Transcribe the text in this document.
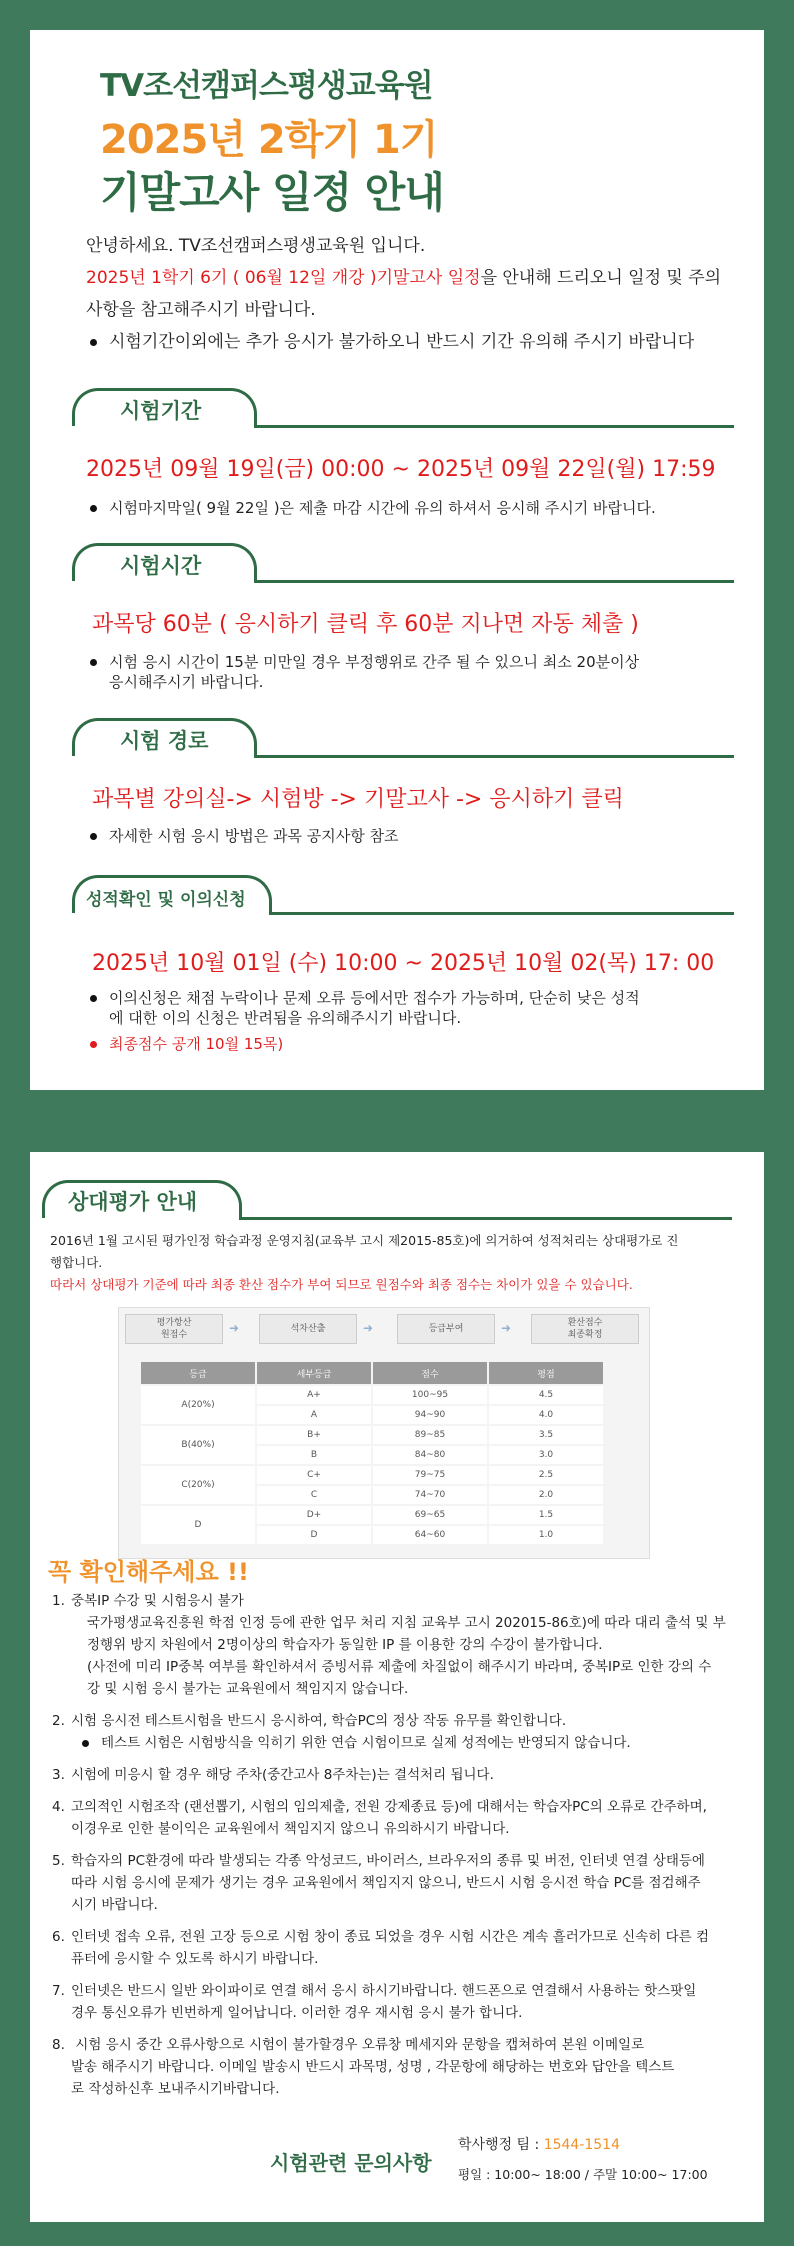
TV조선캠퍼스평생교육원
2025년 2학기 1기
기말고사 일정 안내
안녕하세요. TV조선캠퍼스평생교육원 입니다.
2025년 1학기 6기 ( 06월 12일 개강 )기말고사 일정을 안내해 드리오니 일정 및 주의
사항을 참고해주시기 바랍니다.
시험기간이외에는 추가 응시가 불가하오니 반드시 기간 유의해 주시기 바랍니다
시험기간
2025년 09월 19일(금) 00:00 ~ 2025년 09월 22일(월) 17:59
시험마지막일( 9월 22일 )은 제출 마감 시간에 유의 하셔서 응시해 주시기 바랍니다.
시험시간
과목당 60분 ( 응시하기 클릭 후 60분 지나면 자동 체출 )
시험 응시 시간이 15분 미만일 경우 부정행위로 간주 될 수 있으니 최소 20분이상
응시해주시기 바랍니다.
시험 경로
과목별 강의실-> 시험방 -> 기말고사 -> 응시하기 클릭
자세한 시험 응시 방법은 과목 공지사항 참조
성적확인 및 이의신청
2025년 10월 01일 (수) 10:00 ~ 2025년 10월 02(목) 17: 00
이의신청은 채점 누락이나 문제 오류 등에서만 접수가 가능하며, 단순히 낮은 성적
에 대한 이의 신청은 반려됨을 유의해주시기 바랍니다.
최종점수 공개 10월 15목)
상대평가 안내
2016년 1월 고시된 평가인정 학습과정 운영지침(교육부 고시 제2015-85호)에 의거하여 성적처리는 상대평가로 진
행합니다.
따라서 상대평가 기준에 따라 최종 환산 점수가 부여 되므로 원점수와 최종 점수는 차이가 있을 수 있습니다.
평가항산
원점수	➜	석차산출	➜	등급부여	➜	환산점수
최종확정
등급	세부등급	점수	평점
A(20%)	A+	100~95	4.5
	A	94~90	4.0
B(40%)	B+	89~85	3.5
	B	84~80	3.0
C(20%)	C+	79~75	2.5
	C	74~70	2.0
D	D+	69~65	1.5
	D	64~60	1.0
꼭 확인해주세요 !!
1. 중복IP 수강 및 시험응시 불가
국가평생교육진흥원 학점 인정 등에 관한 업무 처리 지침 교육부 고시 202015-86호)에 따라 대리 출석 및 부
정행위 방지 차원에서 2명이상의 학습자가 동일한 IP 를 이용한 강의 수강이 불가합니다.
(사전에 미리 IP중복 여부를 확인하셔서 증빙서류 제출에 차질없이 해주시기 바라며, 중복IP로 인한 강의 수
강 및 시험 응시 불가는 교육원에서 책임지지 않습니다.
2. 시험 응시전 테스트시험을 반드시 응시하여, 학습PC의 정상 작동 유무를 확인합니다.
테스트 시험은 시험방식을 익히기 위한 연습 시험이므로 실제 성적에는 반영되지 않습니다.
3. 시험에 미응시 할 경우 해당 주차(중간고사 8주차는)는 결석처리 됩니다.
4. 고의적인 시험조작 (랜선뽑기, 시험의 임의제출, 전원 강제종료 등)에 대해서는 학습자PC의 오류로 간주하며,
이경우로 인한 불이익은 교육원에서 책임지지 않으니 유의하시기 바랍니다.
5. 학습자의 PC환경에 따라 발생되는 각종 악성코드, 바이러스, 브라우저의 종류 및 버전, 인터넷 연결 상태등에
따라 시험 응시에 문제가 생기는 경우 교육원에서 책임지지 않으니, 반드시 시험 응시전 학습 PC를 점검해주
시기 바랍니다.
6. 인터넷 접속 오류, 전원 고장 등으로 시험 창이 종료 되었을 경우 시험 시간은 계속 흘러가므로 신속히 다른 컴
퓨터에 응시할 수 있도록 하시기 바랍니다.
7. 인터넷은 반드시 일반 와이파이로 연결 해서 응시 하시기바랍니다. 핸드폰으로 연결해서 사용하는 핫스팟일
경우 통신오류가 빈번하게 일어납니다. 이러한 경우 재시험 응시 불가 합니다.
8. 시험 응시 중간 오류사항으로 시험이 불가할경우 오류창 메세지와 문항을 캡쳐하여 본원 이메일로
발송 해주시기 바랍니다. 이메일 발송시 반드시 과목명, 성명 , 각문항에 해당하는 번호와 답안을 텍스트
로 작성하신후 보내주시기바랍니다.
시험관련 문의사항
학사행정 팀 : 1544-1514
평일 : 10:00~ 18:00 / 주말 10:00~ 17:00
